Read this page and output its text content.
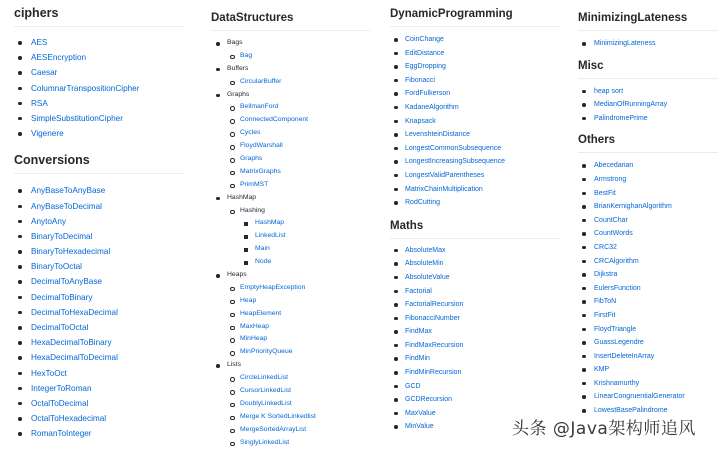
ciphers
AES
AESEncryption
Caesar
ColumnarTranspositionCipher
RSA
SimpleSubstitutionCipher
Vigenere
Conversions
AnyBaseToAnyBase
AnyBaseToDecimal
AnytoAny
BinaryToDecimal
BinaryToHexadecimal
BinaryToOctal
DecimalToAnyBase
DecimalToBinary
DecimalToHexaDecimal
DecimalToOctal
HexaDecimalToBinary
HexaDecimalToDecimal
HexToOct
IntegerToRoman
OctalToDecimal
OctalToHexadecimal
RomanToInteger
DataStructures
Bags
Bag
Buffers
CircularBuffer
Graphs
BellmanFord
ConnectedComponent
Cycles
FloydWarshall
Graphs
MatrixGraphs
PrimMST
HashMap
Hashing
HashMap
LinkedList
Main
Node
Heaps
EmptyHeapException
Heap
HeapElement
MaxHeap
MinHeap
MinPriorityQueue
Lists
CircleLinkedList
CursorLinkedList
DoublyLinkedList
Merge K SortedLinkedlist
MergeSortedArrayList
SinglyLinkedList
DynamicProgramming
CoinChange
EditDistance
EggDropping
Fibonacci
FordFulkerson
KadaneAlgorithm
Knapsack
LevenshteinDistance
LongestCommonSubsequence
LongestIncreasingSubsequence
LongestValidParentheses
MatrixChainMultiplication
RodCutting
Maths
AbsoluteMax
AbsoluteMin
AbsoluteValue
Factorial
FactorialRecursion
FibonacciNumber
FindMax
FindMaxRecursion
FindMin
FindMinRecursion
GCD
GCDRecursion
MaxValue
MinValue
MinimizingLateness
MinimizingLateness
Misc
heap sort
MedianOfRunningArray
PalindromePrime
Others
Abecedarian
Armstrong
BestFit
BrianKernighanAlgorithm
CountChar
CountWords
CRC32
CRCAlgorithm
Dijkstra
EulersFunction
FibToN
FirstFit
FloydTriangle
GuassLegendre
InsertDeleteInArray
KMP
Krishnamurthy
LinearCongruentialGenerator
LowestBasePalindrome
头条 @Java架构师追风
